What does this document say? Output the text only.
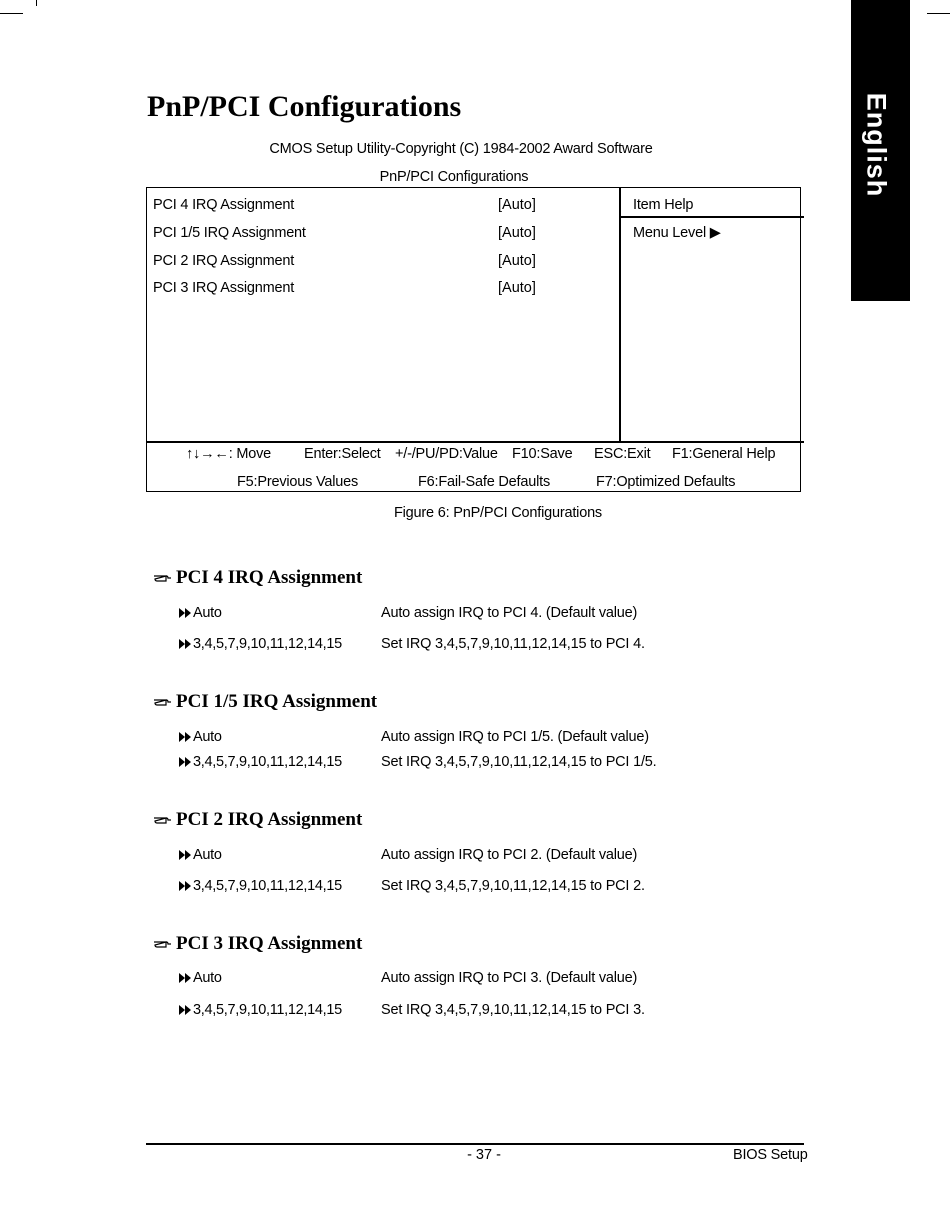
English
PnP/PCI Configurations
CMOS Setup Utility-Copyright (C) 1984-2002 Award Software
PnP/PCI Configurations
PCI 4 IRQ Assignment	[Auto]
PCI 1/5 IRQ Assignment	[Auto]
PCI 2 IRQ Assignment	[Auto]
PCI 3 IRQ Assignment	[Auto]
Item Help
Menu Level ▶
↑↓→←: Move Enter:Select +/-/PU/PD:Value F10:Save ESC:Exit F1:General Help
F5:Previous Values	F6:Fail-Safe Defaults	F7:Optimized Defaults
Figure 6: PnP/PCI Configurations
PCI 4 IRQ Assignment
Auto	Auto assign IRQ to PCI 4. (Default value)
3,4,5,7,9,10,11,12,14,15	Set IRQ 3,4,5,7,9,10,11,12,14,15 to PCI 4.
PCI 1/5 IRQ Assignment
Auto	Auto assign IRQ to PCI 1/5. (Default value)
3,4,5,7,9,10,11,12,14,15	Set IRQ 3,4,5,7,9,10,11,12,14,15 to PCI 1/5.
PCI 2 IRQ Assignment
Auto	Auto assign IRQ to PCI 2. (Default value)
3,4,5,7,9,10,11,12,14,15	Set IRQ 3,4,5,7,9,10,11,12,14,15 to PCI 2.
PCI 3 IRQ Assignment
Auto	Auto assign IRQ to PCI 3. (Default value)
3,4,5,7,9,10,11,12,14,15	Set IRQ 3,4,5,7,9,10,11,12,14,15 to PCI 3.
- 37 -	BIOS Setup
